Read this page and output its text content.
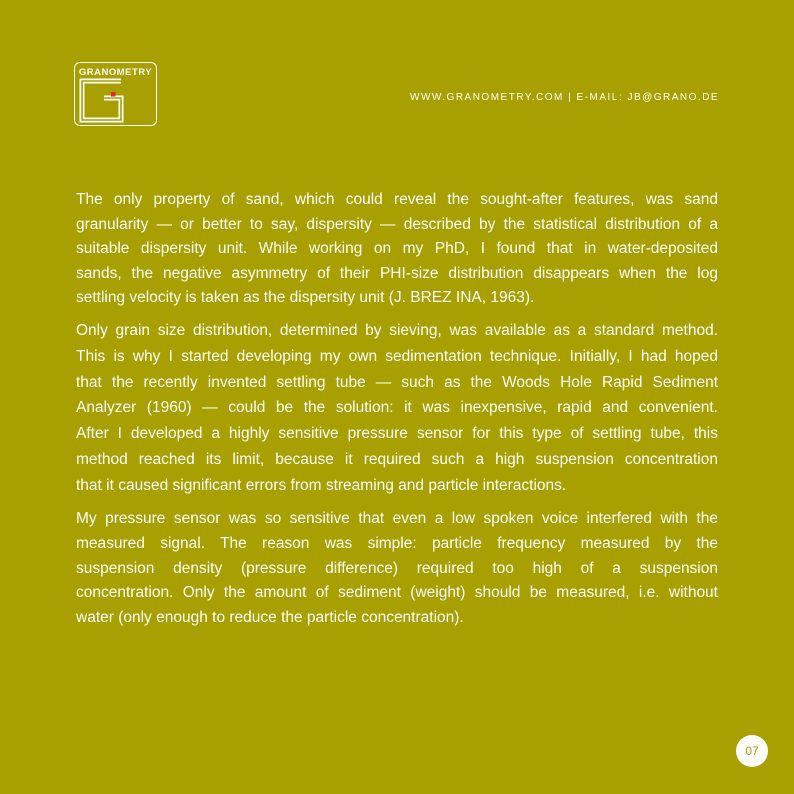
GRANOMETRY
WWW.GRANOMETRY.COM | E-MAIL: JB@GRANO.DE
The only property of sand, which could reveal the sought-after features, was sand
granularity — or better to say, dispersity — described by the statistical distribution of a
suitable dispersity unit. While working on my PhD, I found that in water-deposited
sands, the negative asymmetry of their PHI-size distribution disappears when the log
settling velocity is taken as the dispersity unit (J. BREZ INA, 1963).
Only grain size distribution, determined by sieving, was available as a standard method.
This is why I started developing my own sedimentation technique. Initially, I had hoped
that the recently invented settling tube — such as the Woods Hole Rapid Sediment
Analyzer (1960) — could be the solution: it was inexpensive, rapid and convenient.
After I developed a highly sensitive pressure sensor for this type of settling tube, this
method reached its limit, because it required such a high suspension concentration
that it caused significant errors from streaming and particle interactions.
My pressure sensor was so sensitive that even a low spoken voice interfered with the
measured signal. The reason was simple: particle frequency measured by the
suspension density (pressure difference) required too high of a suspension
concentration. Only the amount of sediment (weight) should be measured, i.e. without
water (only enough to reduce the particle concentration).
07
